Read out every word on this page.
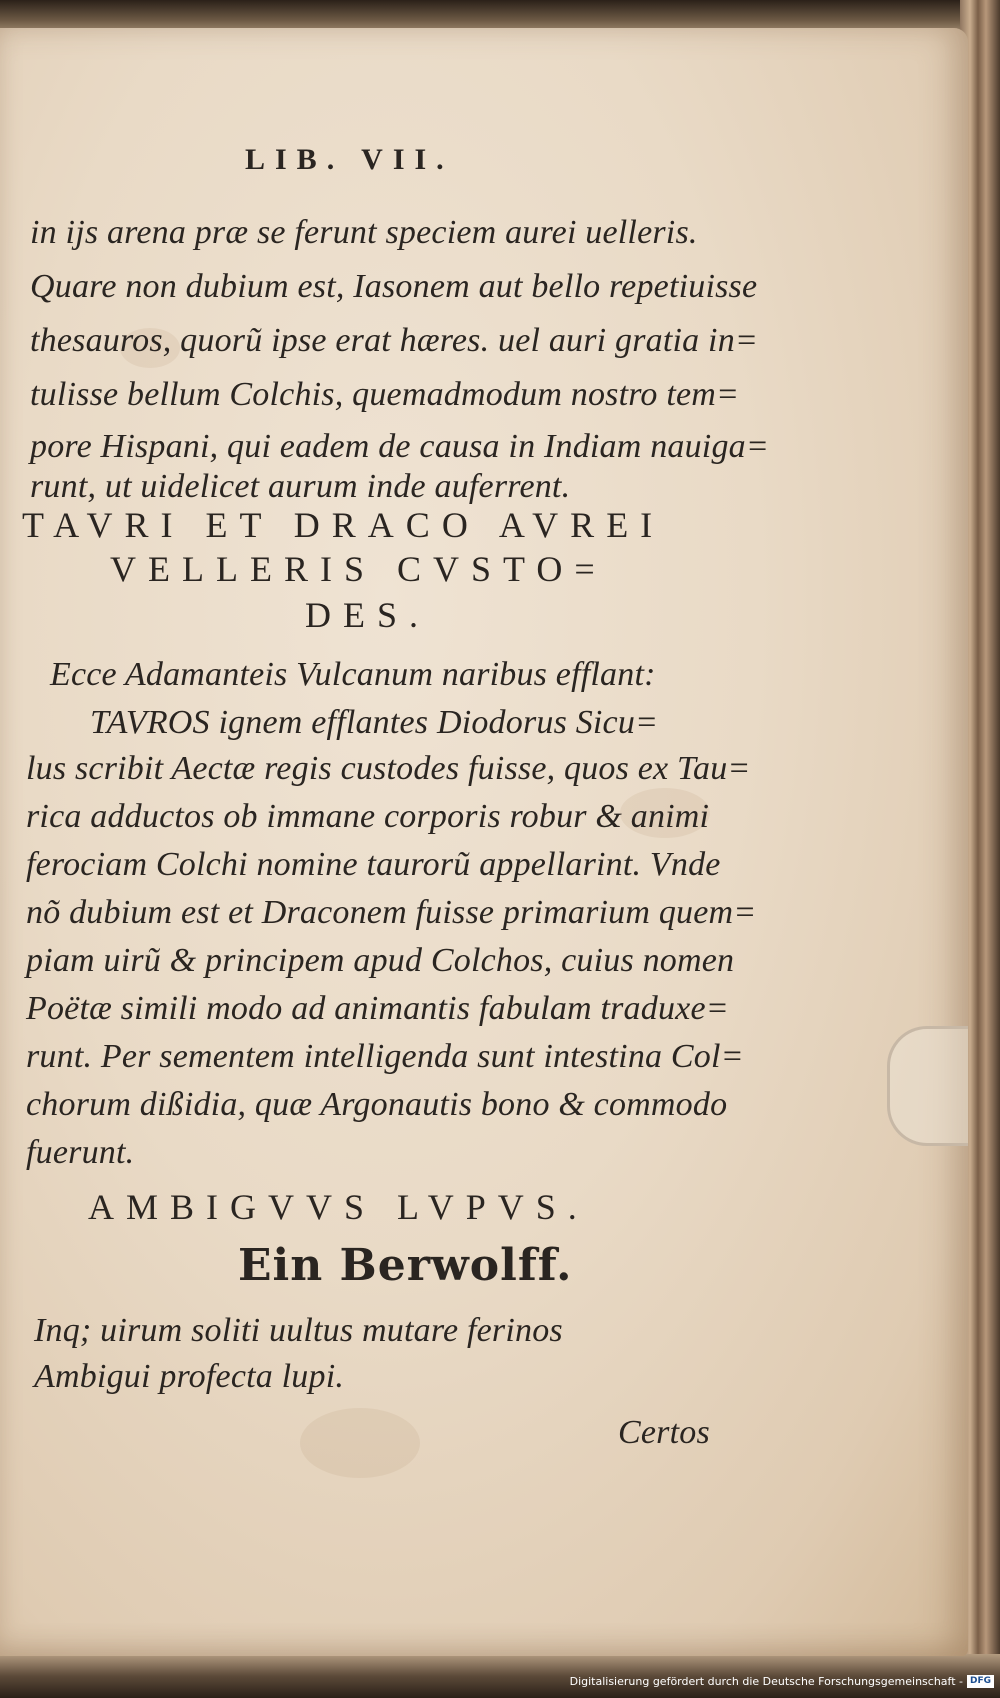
LIB. VII.
in ijs arena præ se ferunt speciem aurei uelleris.
Quare non dubium est, Iasonem aut bello repetiuisse
thesauros, quorũ ipse erat hæres. uel auri gratia in=
tulisse bellum Colchis, quemadmodum nostro tem=
pore Hispani, qui eadem de causa in Indiam nauiga=
runt, ut uidelicet aurum inde auferrent.
TAVRI ET DRACO AVREI
VELLERIS CVSTO=
DES.
Ecce Adamanteis Vulcanum naribus efflant:
TAVROS ignem efflantes Diodorus Sicu=
lus scribit Aectæ regis custodes fuisse, quos ex Tau=
rica adductos ob immane corporis robur & animi
ferociam Colchi nomine taurorũ appellarint. Vnde
nõ dubium est et Draconem fuisse primarium quem=
piam uirũ & principem apud Colchos, cuius nomen
Poëtæ simili modo ad animantis fabulam traduxe=
runt. Per sementem intelligenda sunt intestina Col=
chorum dißidia, quæ Argonautis bono & commodo
fuerunt.
AMBIGVVS LVPVS.
Ein Berwolff.
Inq; uirum soliti uultus mutare ferinos
Ambigui profecta lupi.
Certos
Digitalisierung gefördert durch die Deutsche Forschungsgemeinschaft - DFG
